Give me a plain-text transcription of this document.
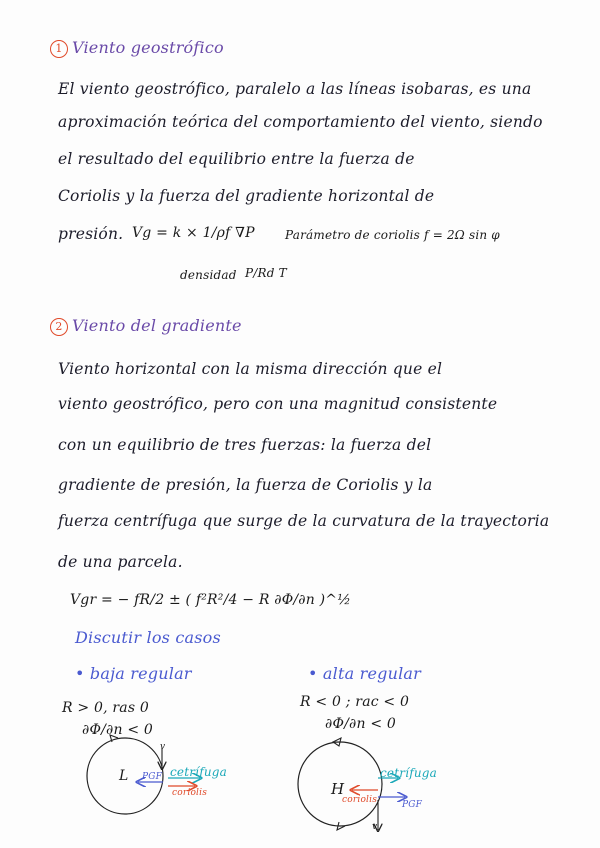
1 Viento geostrófico
El viento geostrófico, paralelo a las líneas isobaras, es una
aproximación teórica del comportamiento del viento, siendo
el resultado del equilibrio entre la fuerza de
Coriolis y la fuerza del gradiente horizontal de
presión. Vg = k × 1/ρf ∇P	Parámetro de coriolis f = 2Ω sin φ
densidad P/Rd T
2 Viento del gradiente
Viento horizontal con la misma dirección que el
viento geostrófico, pero con una magnitud consistente
con un equilibrio de tres fuerzas: la fuerza del
gradiente de presión, la fuerza de Coriolis y la
fuerza centrífuga que surge de la curvatura de la trayectoria
de una parcela.
Vgr = − fR/2 ± ( f²R²/4 − R ∂Φ/∂n )^½
Discutir los casos
• baja regular
R > 0, ras 0
∂Φ/∂n < 0
• alta regular
R < 0 ; rac < 0
∂Φ/∂n < 0
L
v
cetrífuga
coriolis
PGF
H
v
cetrífuga
coriolis	PGF
